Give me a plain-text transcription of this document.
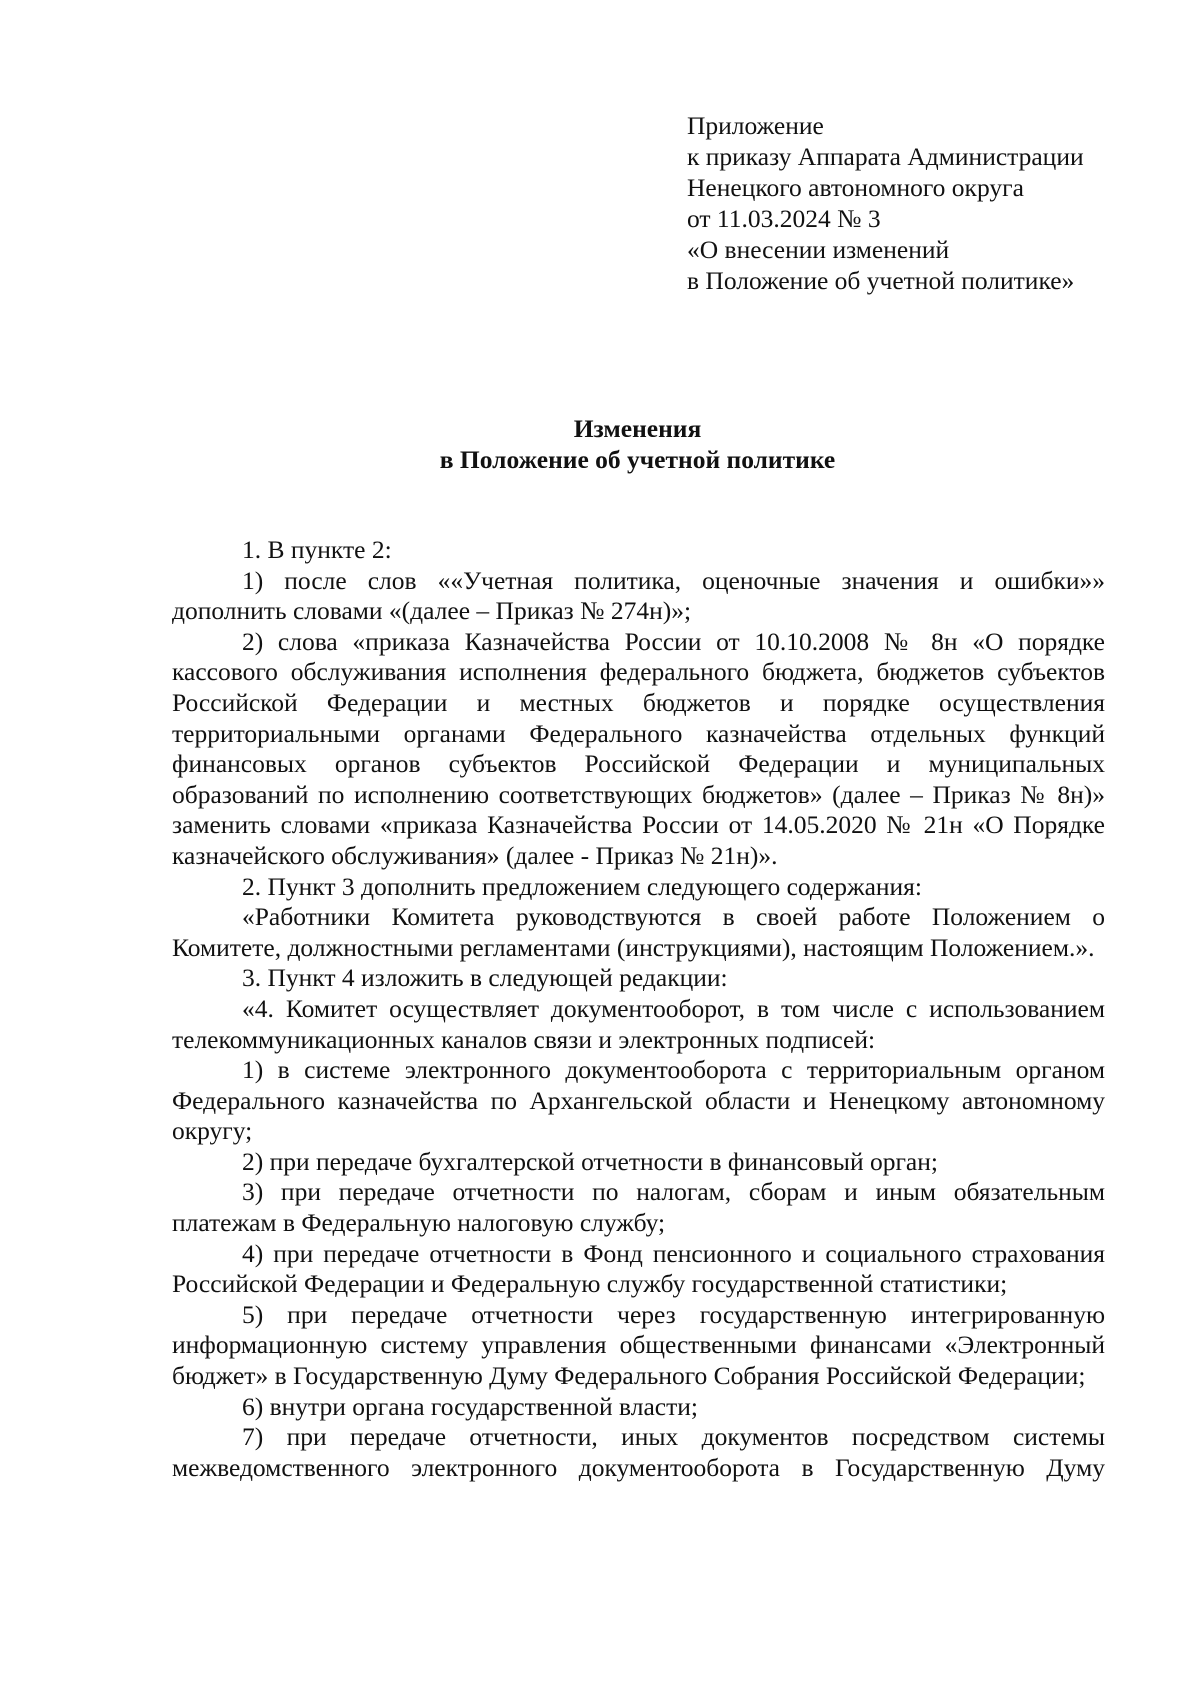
Приложение
к приказу Аппарата Администрации
Ненецкого автономного округа
от 11.03.2024 № 3
«О внесении изменений
в Положение об учетной политике»
Изменения
в Положение об учетной политике

1. В пункте 2:

1) после слов ««Учетная политика, оценочные значения и ошибки»» дополнить словами «(далее – Приказ № 274н)»;

2) слова «приказа Казначейства России от 10.10.2008 № 8н «О порядке кассового обслуживания исполнения федерального бюджета, бюджетов субъектов Российской Федерации и местных бюджетов и порядке осуществления территориальными органами Федерального казначейства отдельных функций финансовых органов субъектов Российской Федерации и муниципальных образований по исполнению соответствующих бюджетов» (далее – Приказ № 8н)» заменить словами «приказа Казначейства России от 14.05.2020 № 21н «О Порядке казначейского обслуживания» (далее - Приказ № 21н)».

2. Пункт 3 дополнить предложением следующего содержания:

«Работники Комитета руководствуются в своей работе Положением о Комитете, должностными регламентами (инструкциями), настоящим Положением.».

3. Пункт 4 изложить в следующей редакции:

«4. Комитет осуществляет документооборот, в том числе с использованием телекоммуникационных каналов связи и электронных подписей:

1) в системе электронного документооборота с территориальным органом Федерального казначейства по Архангельской области и Ненецкому автономному округу;

2) при передаче бухгалтерской отчетности в финансовый орган;

3) при передаче отчетности по налогам, сборам и иным обязательным платежам в Федеральную налоговую службу;

4) при передаче отчетности в Фонд пенсионного и социального страхования Российской Федерации и Федеральную службу государственной статистики;

5) при передаче отчетности через государственную интегрированную информационную систему управления общественными финансами «Электронный бюджет» в Государственную Думу Федерального Собрания Российской Федерации;

6) внутри органа государственной власти;

7) при передаче отчетности, иных документов посредством системы межведомственного электронного документооборота в Государственную Думу
